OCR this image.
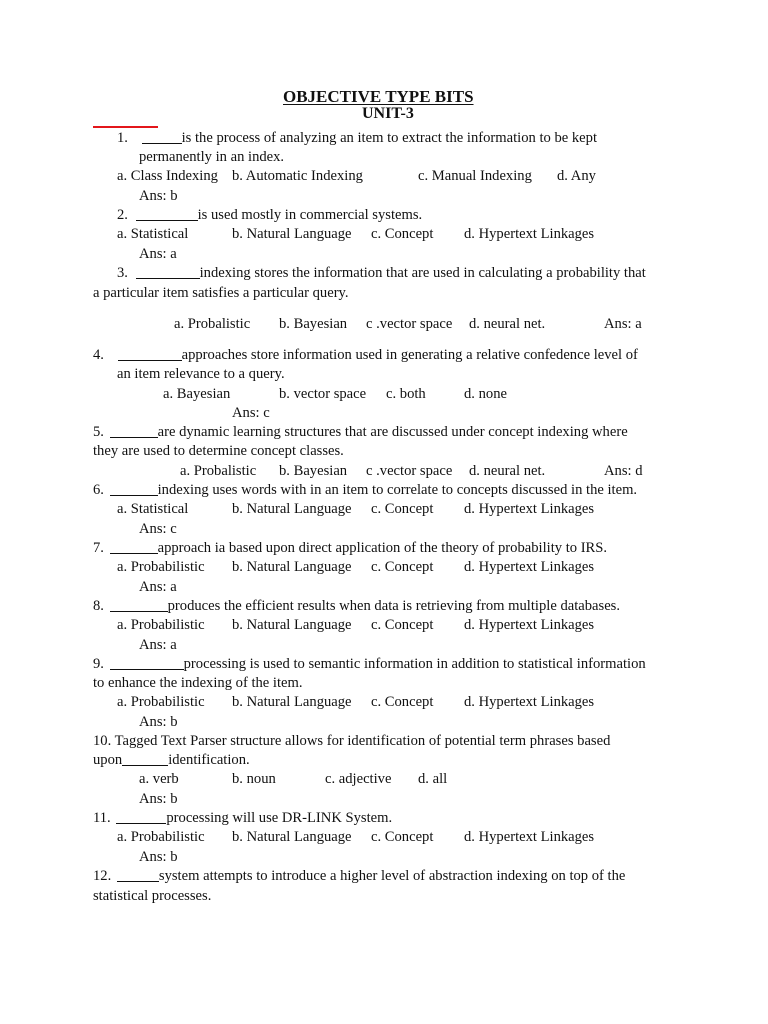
OBJECTIVE TYPE BITS
UNIT-3
1.	is the process of analyzing an item to extract the information to be kept
permanently in an index.
a. Class Indexing b. Automatic Indexing	c. Manual Indexing d. Any
Ans: b
2.	is used mostly in commercial systems.
a. Statistical	b. Natural Language c. Concept d. Hypertext Linkages
Ans: a
3.	indexing stores the information that are used in calculating a probability that
a particular item satisfies a particular query.
a. Probalistic b. Bayesian c .vector space d. neural net.	Ans: a
4.	approaches store information used in generating a relative confedence level of
an item relevance to a query.
a. Bayesian	b. vector space c. both	d. none
Ans: c
5.	are dynamic learning structures that are discussed under concept indexing where
they are used to determine concept classes.
a. Probalistic b. Bayesian c .vector space d. neural net.	Ans: d
6.	indexing uses words with in an item to correlate to concepts discussed in the item.
a. Statistical	b. Natural Language c. Concept d. Hypertext Linkages
Ans: c
7.	approach ia based upon direct application of the theory of probability to IRS.
a. Probabilistic b. Natural Language c. Concept d. Hypertext Linkages
Ans: a
8.	produces the efficient results when data is retrieving from multiple databases.
a. Probabilistic b. Natural Language c. Concept d. Hypertext Linkages
Ans: a
9.	processing is used to semantic information in addition to statistical information
to enhance the indexing of the item.
a. Probabilistic b. Natural Language c. Concept d. Hypertext Linkages
Ans: b
10. Tagged Text Parser structure allows for identification of potential term phrases based
upon	identification.
a. verb	b. noun	c. adjective d. all
Ans: b
11.	processing will use DR-LINK System.
a. Probabilistic b. Natural Language c. Concept d. Hypertext Linkages
Ans: b
12.	system attempts to introduce a higher level of abstraction indexing on top of the
statistical processes.
